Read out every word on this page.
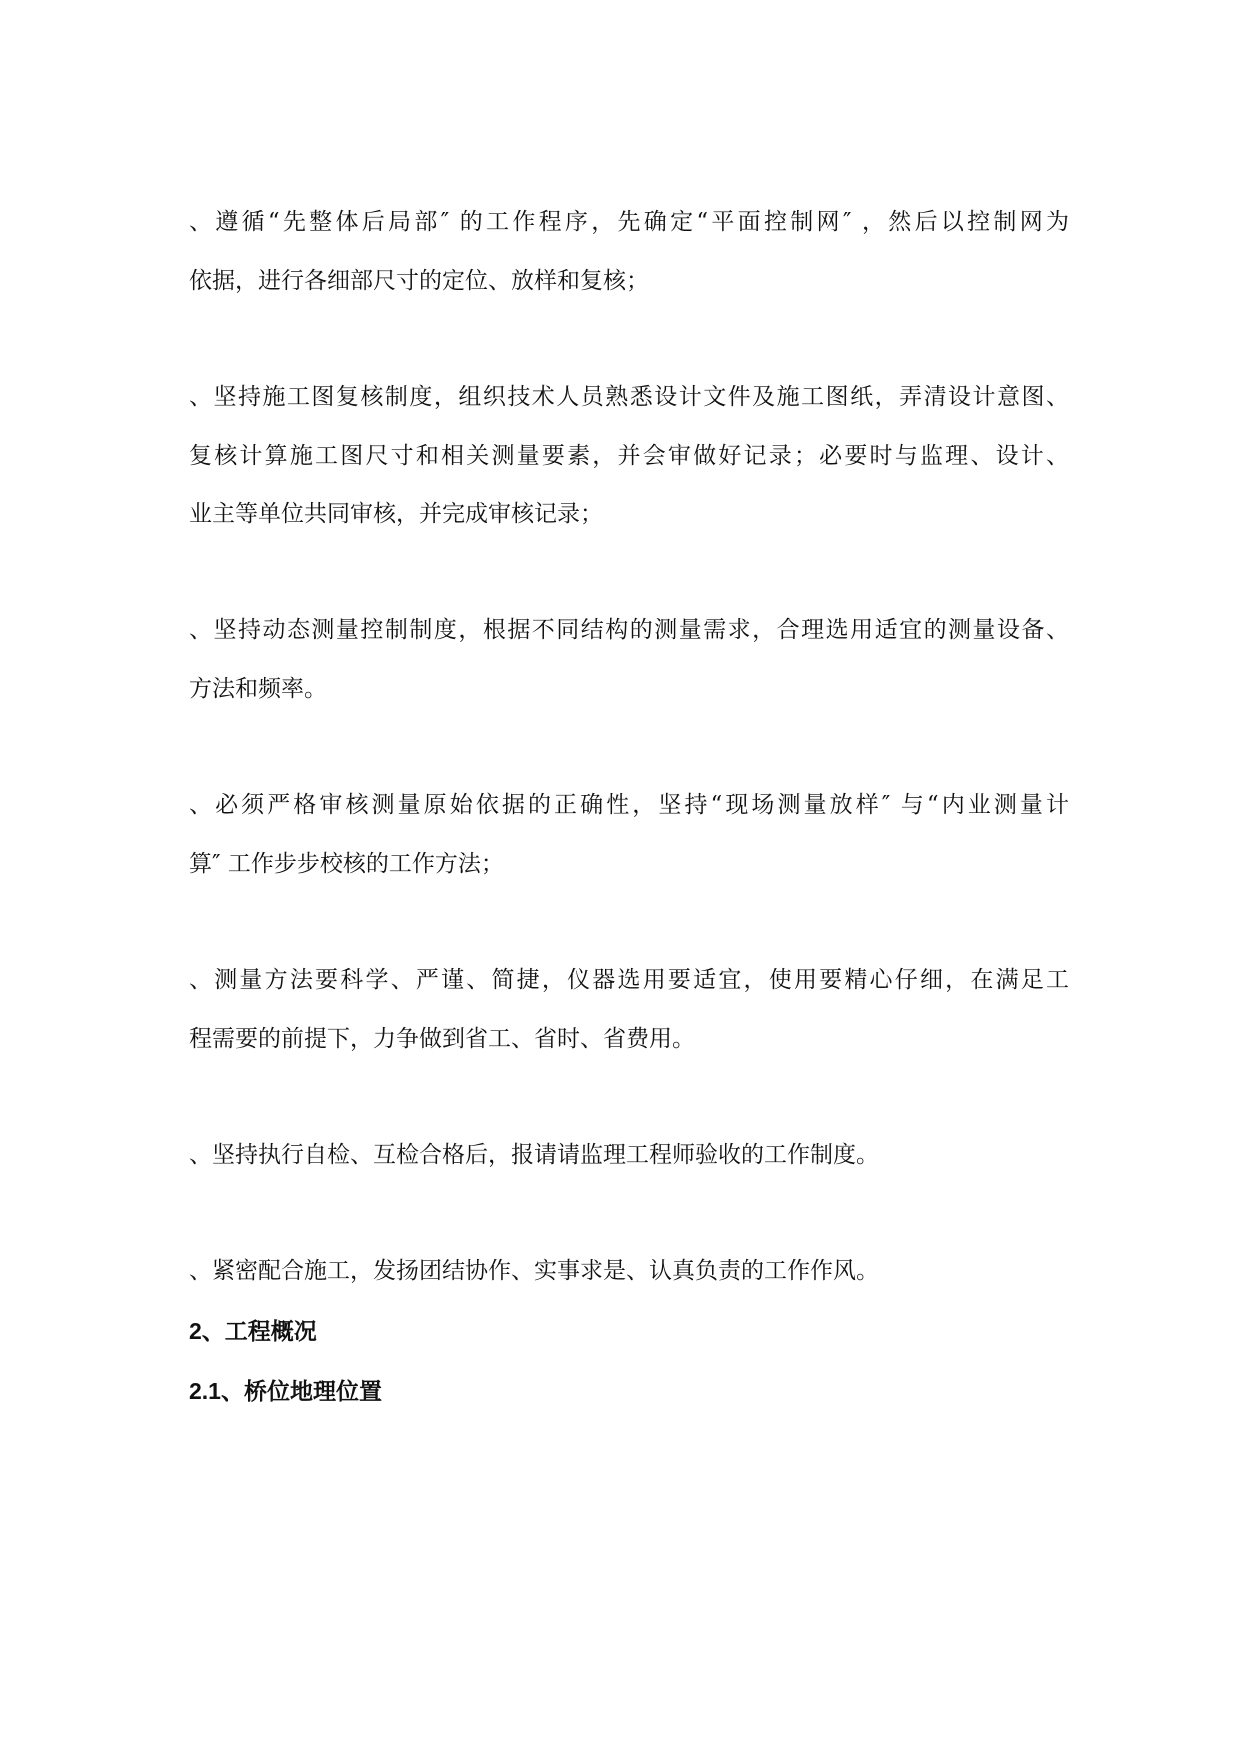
、遵循“先整体后局部″ 的工作程序，先确定“平面控制网″ ，然后以控制网为
依据，进行各细部尺寸的定位、放样和复核；
、坚持施工图复核制度，组织技术人员熟悉设计文件及施工图纸，弄清设计意图、
复核计算施工图尺寸和相关测量要素，并会审做好记录；必要时与监理、设计、
业主等单位共同审核，并完成审核记录；
、坚持动态测量控制制度，根据不同结构的测量需求，合理选用适宜的测量设备、
方法和频率。
、必须严格审核测量原始依据的正确性，坚持“现场测量放样″ 与“内业测量计
算″ 工作步步校核的工作方法；
、测量方法要科学、严谨、简捷，仪器选用要适宜，使用要精心仔细，在满足工
程需要的前提下，力争做到省工、省时、省费用。
、坚持执行自检、互检合格后，报请请监理工程师验收的工作制度。
、紧密配合施工，发扬团结协作、实事求是、认真负责的工作作风。
2、工程概况
2.1、桥位地理位置
